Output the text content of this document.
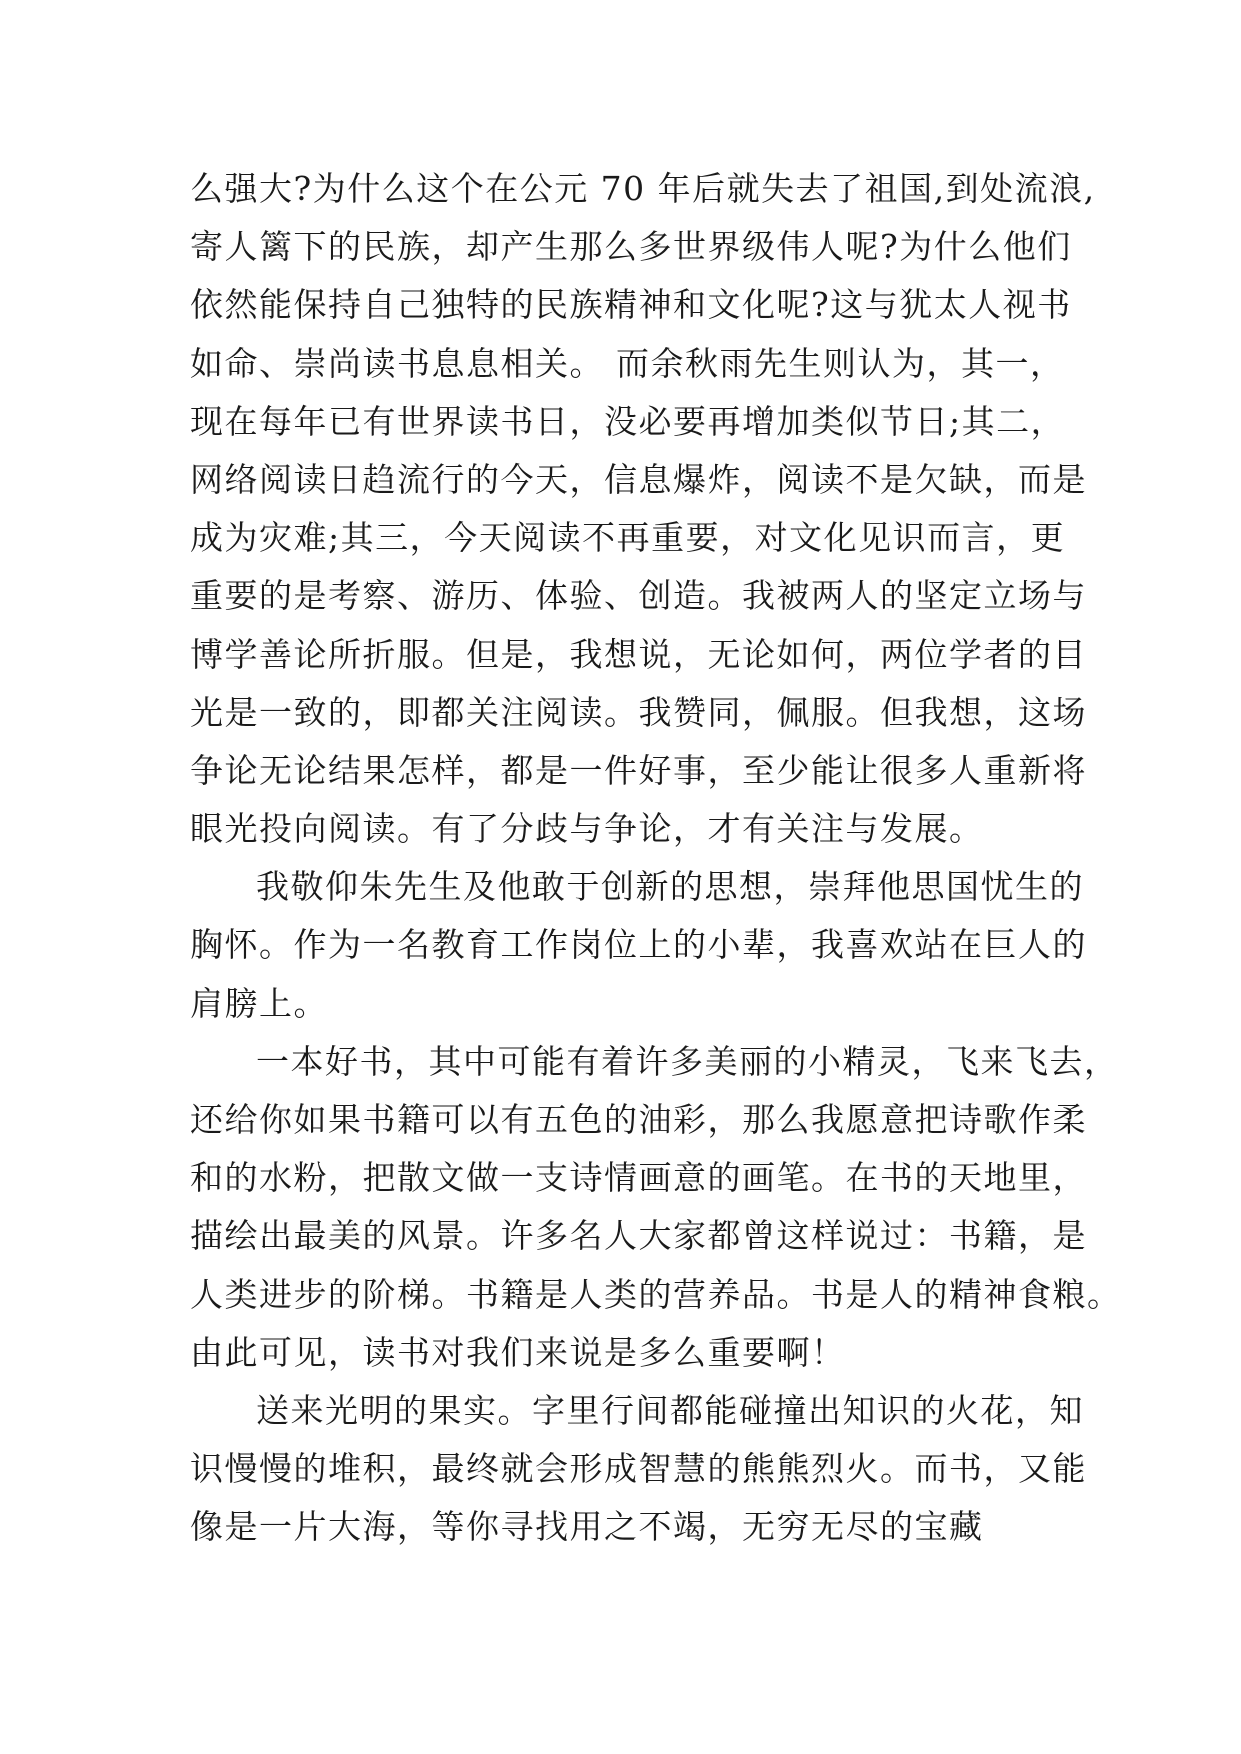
么强大?为什么这个在公元 70 年后就失去了祖国,到处流浪,
寄人篱下的民族，却产生那么多世界级伟人呢?为什么他们
依然能保持自己独特的民族精神和文化呢?这与犹太人视书
如命、崇尚读书息息相关。 而余秋雨先生则认为，其一，
现在每年已有世界读书日，没必要再增加类似节日;其二，
网络阅读日趋流行的今天，信息爆炸，阅读不是欠缺，而是
成为灾难;其三，今天阅读不再重要，对文化见识而言，更
重要的是考察、游历、体验、创造。我被两人的坚定立场与
博学善论所折服。但是，我想说，无论如何，两位学者的目
光是一致的，即都关注阅读。我赞同，佩服。但我想，这场
争论无论结果怎样，都是一件好事，至少能让很多人重新将
眼光投向阅读。有了分歧与争论，才有关注与发展。
我敬仰朱先生及他敢于创新的思想，崇拜他思国忧生的
胸怀。作为一名教育工作岗位上的小辈，我喜欢站在巨人的
肩膀上。
一本好书，其中可能有着许多美丽的小精灵，飞来飞去，
还给你如果书籍可以有五色的油彩，那么我愿意把诗歌作柔
和的水粉，把散文做一支诗情画意的画笔。在书的天地里，
描绘出最美的风景。许多名人大家都曾这样说过：书籍，是
人类进步的阶梯。书籍是人类的营养品。书是人的精神食粮。
由此可见，读书对我们来说是多么重要啊！
送来光明的果实。字里行间都能碰撞出知识的火花，知
识慢慢的堆积，最终就会形成智慧的熊熊烈火。而书，又能
像是一片大海，等你寻找用之不竭，无穷无尽的宝藏
